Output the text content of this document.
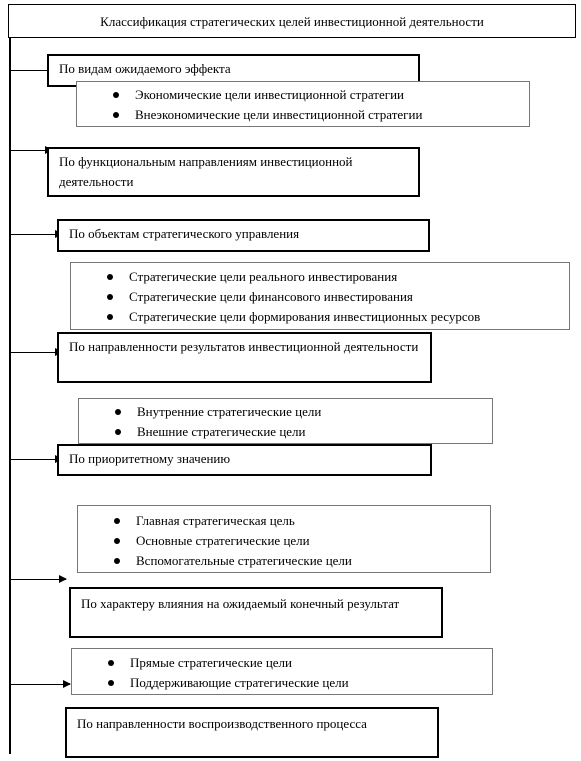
Классификация стратегических целей инвестиционной деятельности
По видам ожидаемого эффекта
Экономические цели инвестиционной стратегии
Внеэкономические цели инвестиционной стратегии
По функциональным направлениям инвестиционной деятельности
По объектам стратегического управления
Стратегические цели реального инвестирования
Стратегические цели финансового инвестирования
Стратегические цели формирования инвестиционных ресурсов
По направленности результатов инвестиционной деятельности
Внутренние стратегические цели
Внешние стратегические цели
По приоритетному значению
Главная стратегическая цель
Основные стратегические цели
Вспомогательные стратегические цели
По характеру влияния на ожидаемый конечный результат
Прямые стратегические цели
Поддерживающие стратегические цели
По направленности воспроизводственного процесса
